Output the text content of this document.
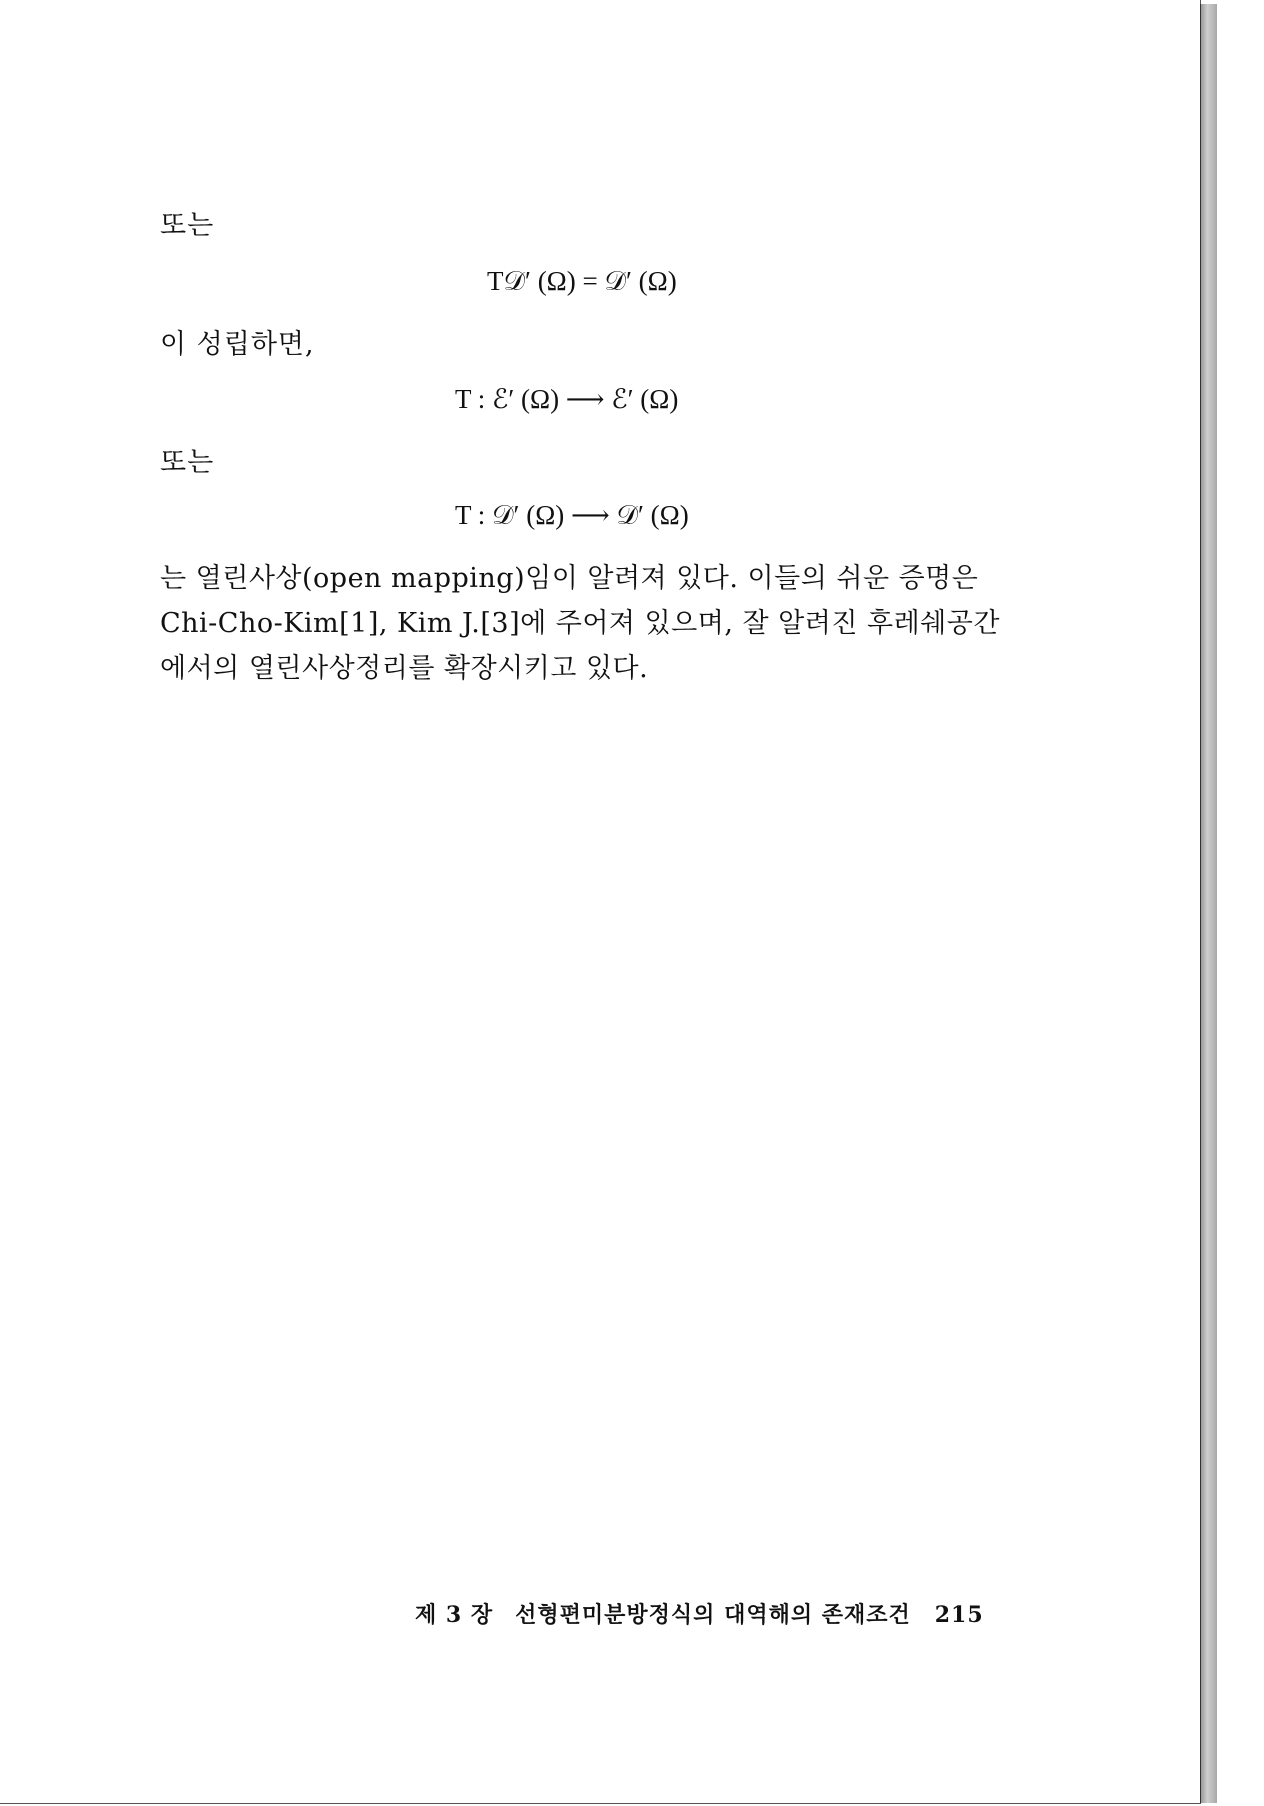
또는
T𝒟′ (Ω) = 𝒟′ (Ω)
이 성립하면,
T : ℰ′ (Ω) ⟶ ℰ′ (Ω)
또는
T : 𝒟′ (Ω) ⟶ 𝒟′ (Ω)
는 열린사상(open mapping)임이 알려져 있다. 이들의 쉬운 증명은
Chi-Cho-Kim[1], Kim J.[3]에 주어져 있으며, 잘 알려진 후레쉐공간
에서의 열린사상정리를 확장시키고 있다.
제 3 장 선형편미분방정식의 대역해의 존재조건 215
